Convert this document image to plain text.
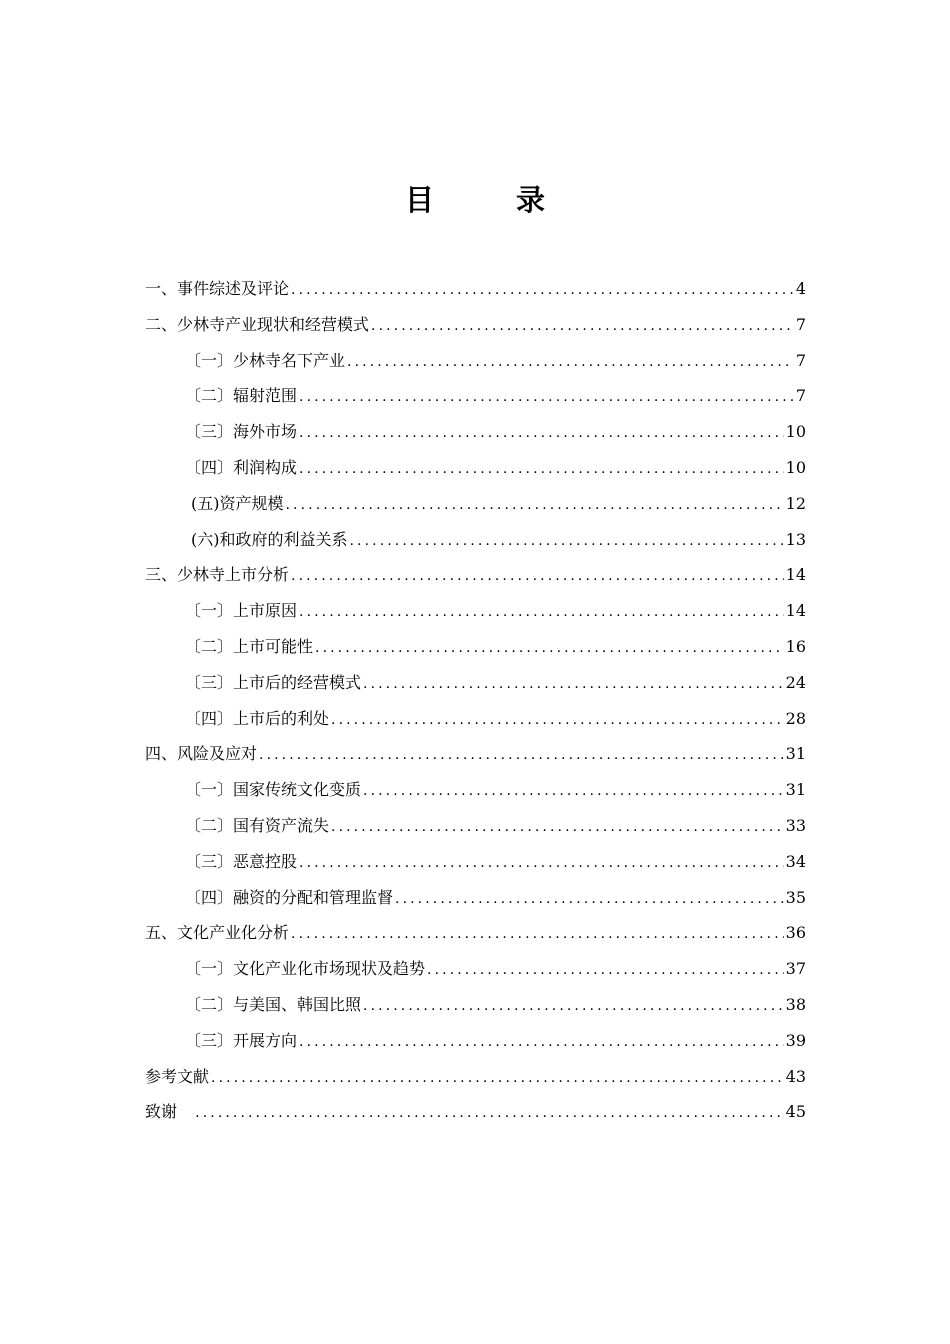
目 录
一、事件综述及评论 .....	4
二、少林寺产业现状和经营模式 .....	7
〔一〕少林寺名下产业 .....	7
〔二〕辐射范围 .....	7
〔三〕海外市场 .....	10
〔四〕利润构成 .....	10
(五)资产规模 .....	12
(六)和政府的利益关系 .....	13
三、少林寺上市分析 .....	14
〔一〕上市原因 .....	14
〔二〕上市可能性 .....	16
〔三〕上市后的经营模式 .....	24
〔四〕上市后的利处 .....	28
四、风险及应对 .....	31
〔一〕国家传统文化变质 .....	31
〔二〕国有资产流失 .....	33
〔三〕恶意控股 .....	34
〔四〕融资的分配和管理监督 .....	35
五、文化产业化分析 .....	36
〔一〕文化产业化市场现状及趋势 .....	37
〔二〕与美国、韩国比照 .....	38
〔三〕开展方向 .....	39
参考文献 .....	43
致谢 .....	45
